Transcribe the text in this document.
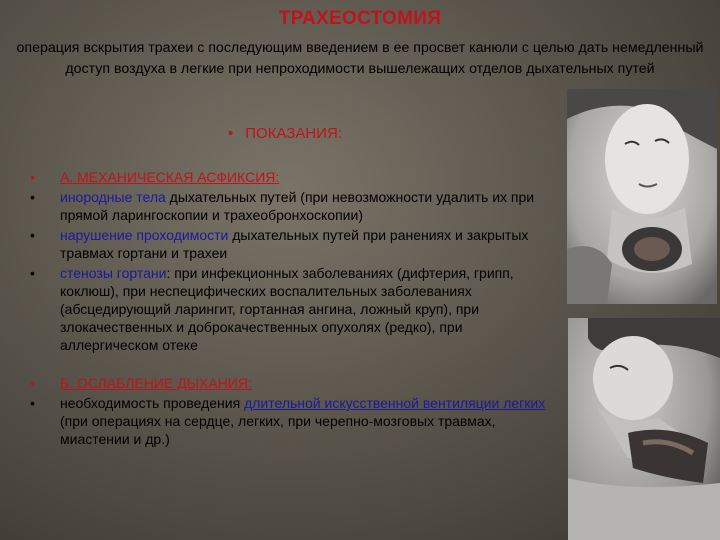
ТРАХЕОСТОМИЯ
операция вскрытия трахеи с последующим введением в ее просвет канюли с целью дать немедленный доступ воздуха в легкие при непроходимости вышележащих отделов дыхательных путей
• ПОКАЗАНИЯ:
• А. МЕХАНИЧЕСКАЯ АСФИКСИЯ:
• инородные тела дыхательных путей (при невозможности удалить их при прямой ларингоскопии и трахеобронхоскопии)
• нарушение проходимости дыхательных путей при ранениях и закрытых травмах гортани и трахеи
• стенозы гортани: при инфекционных заболеваниях (дифтерия, грипп, коклюш), при неспецифических воспалительных заболеваниях (абсцедирующий ларингит, гортанная ангина, ложный круп), при злокачественных и доброкачественных опухолях (редко), при аллергическом отеке
• Б. ОСЛАБЛЕНИЕ ДЫХАНИЯ:
• необходимость проведения длительной искусственной вентиляции легких (при операциях на сердце, легких, при черепно-мозговых травмах, миастении и др.)
